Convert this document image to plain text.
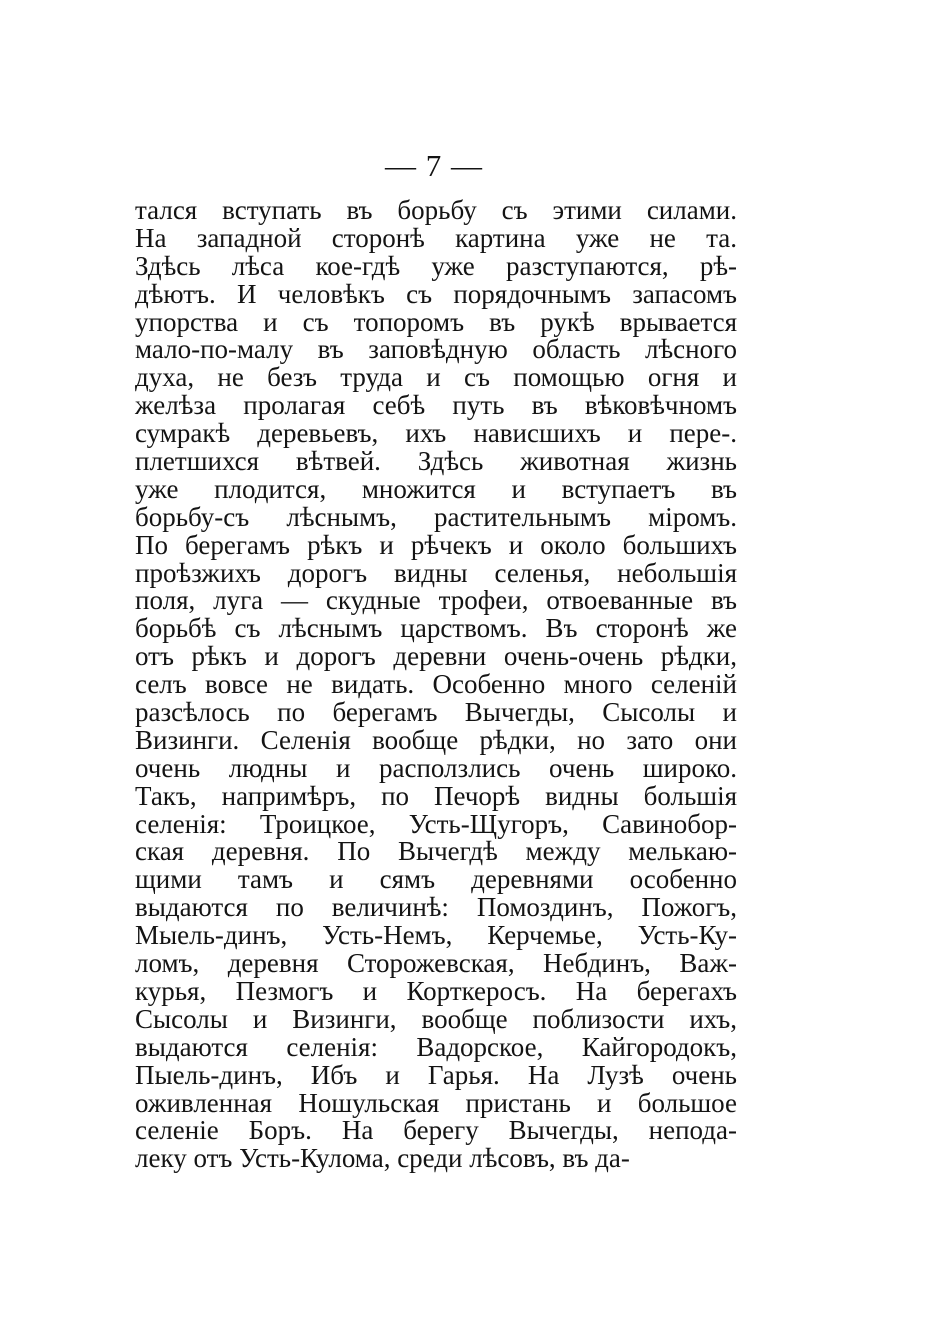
— 7 —
тался вступать въ борьбу съ этими силами.
На западной сторонѣ картина уже не та.
Здѣсь лѣса кое-гдѣ уже разступаются, рѣ-
дѣютъ. И человѣкъ съ порядочнымъ запасомъ
упорства и съ топоромъ въ рукѣ врывается
мало-по-малу въ заповѣдную область лѣсного
духа, не безъ труда и съ помощью огня и
желѣза пролагая себѣ путь въ вѣковѣчномъ
сумракѣ деревьевъ, ихъ нависшихъ и пере-.
плетшихся вѣтвей. Здѣсь животная жизнь
уже плодится, множится и вступаетъ въ
борьбу-съ лѣснымъ, растительнымъ міромъ.
По берегамъ рѣкъ и рѣчекъ и около большихъ
проѣзжихъ дорогъ видны селенья, небольшія
поля, луга — скудные трофеи, отвоеванные въ
борьбѣ съ лѣснымъ царствомъ. Въ сторонѣ же
отъ рѣкъ и дорогъ деревни очень-очень рѣдки,
селъ вовсе не видать. Особенно много селеній
разсѣлось по берегамъ Вычегды, Сысолы и
Визинги. Селенія вообще рѣдки, но зато они
очень людны и расползлись очень широко.
Такъ, напримѣръ, по Печорѣ видны большія
селенія: Троицкое, Усть-Щугоръ, Савинобор-
ская деревня. По Вычегдѣ между мелькаю-
щими тамъ и сямъ деревнями особенно
выдаются по величинѣ: Помоздинъ, Пожогъ,
Мыель-динъ, Усть-Немъ, Керчемье, Усть-Ку-
ломъ, деревня Сторожевская, Небдинъ, Важ-
курья, Пезмогъ и Корткеросъ. На берегахъ
Сысолы и Визинги, вообще поблизости ихъ,
выдаются селенія: Вадорское, Кайгородокъ,
Пыель-динъ, Ибъ и Гарья. На Лузѣ очень
оживленная Ношульская пристань и большое
селеніе Боръ. На берегу Вычегды, непода-
леку отъ Усть-Кулома, среди лѣсовъ, въ да-
